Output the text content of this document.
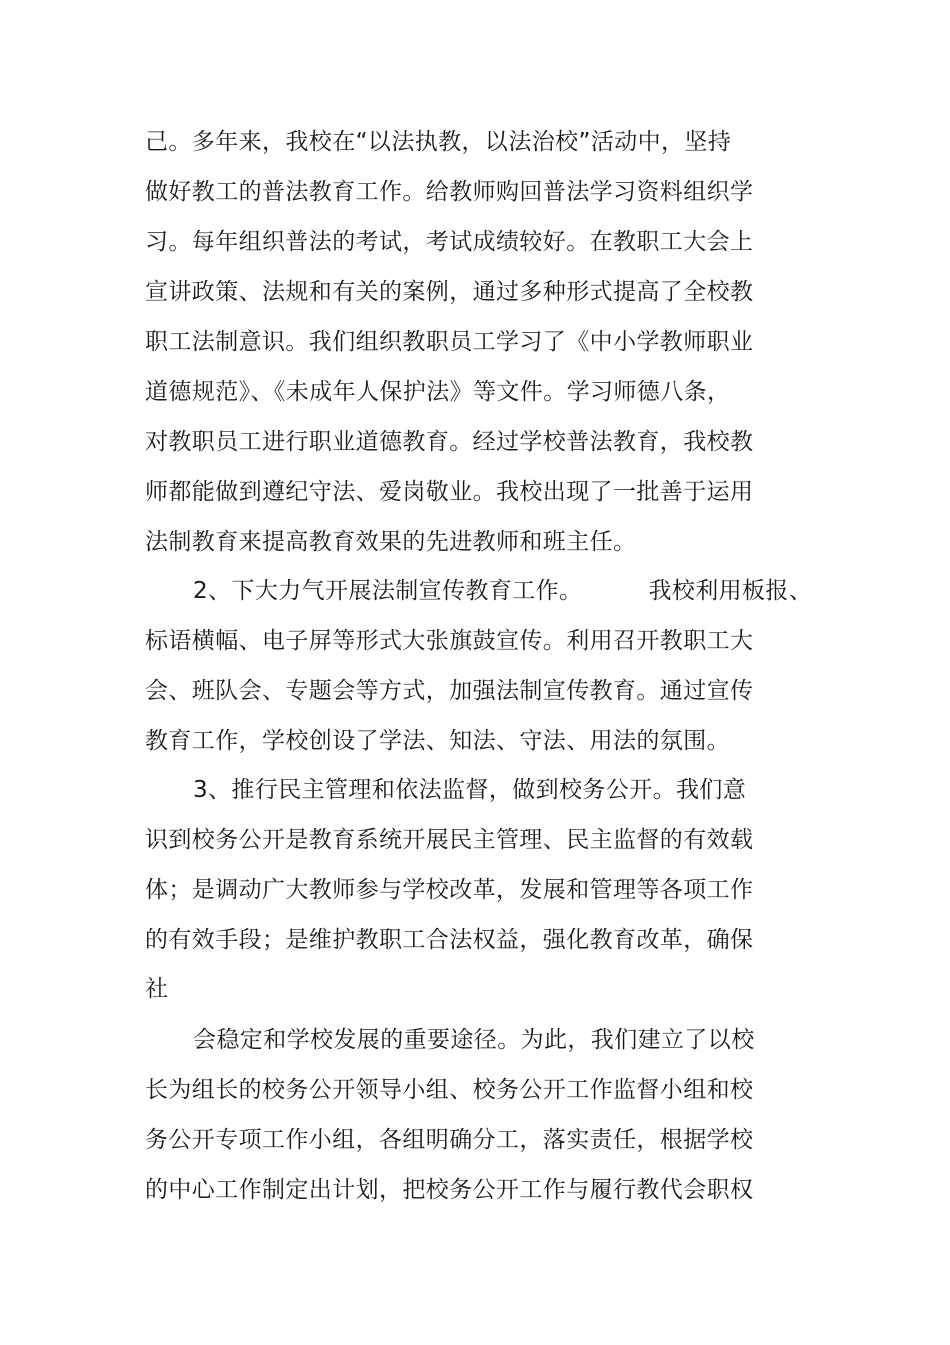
己。多年来，我校在“以法执教，以法治校”活动中，坚持
做好教工的普法教育工作。给教师购回普法学习资料组织学
习。每年组织普法的考试，考试成绩较好。在教职工大会上
宣讲政策、法规和有关的案例，通过多种形式提高了全校教
职工法制意识。我们组织教职员工学习了《中小学教师职业
道德规范》、《未成年人保护法》等文件。学习师德八条，
对教职员工进行职业道德教育。经过学校普法教育，我校教
师都能做到遵纪守法、爱岗敬业。我校出现了一批善于运用
法制教育来提高教育效果的先进教师和班主任。
2、下大力气开展法制宣传教育工作。	我校利用板报、
标语横幅、电子屏等形式大张旗鼓宣传。利用召开教职工大
会、班队会、专题会等方式，加强法制宣传教育。通过宣传
教育工作，学校创设了学法、知法、守法、用法的氛围。
3、推行民主管理和依法监督，做到校务公开。我们意
识到校务公开是教育系统开展民主管理、民主监督的有效载
体；是调动广大教师参与学校改革，发展和管理等各项工作
的有效手段；是维护教职工合法权益，强化教育改革，确保
社
会稳定和学校发展的重要途径。为此，我们建立了以校
长为组长的校务公开领导小组、校务公开工作监督小组和校
务公开专项工作小组，各组明确分工，落实责任，根据学校
的中心工作制定出计划，把校务公开工作与履行教代会职权
